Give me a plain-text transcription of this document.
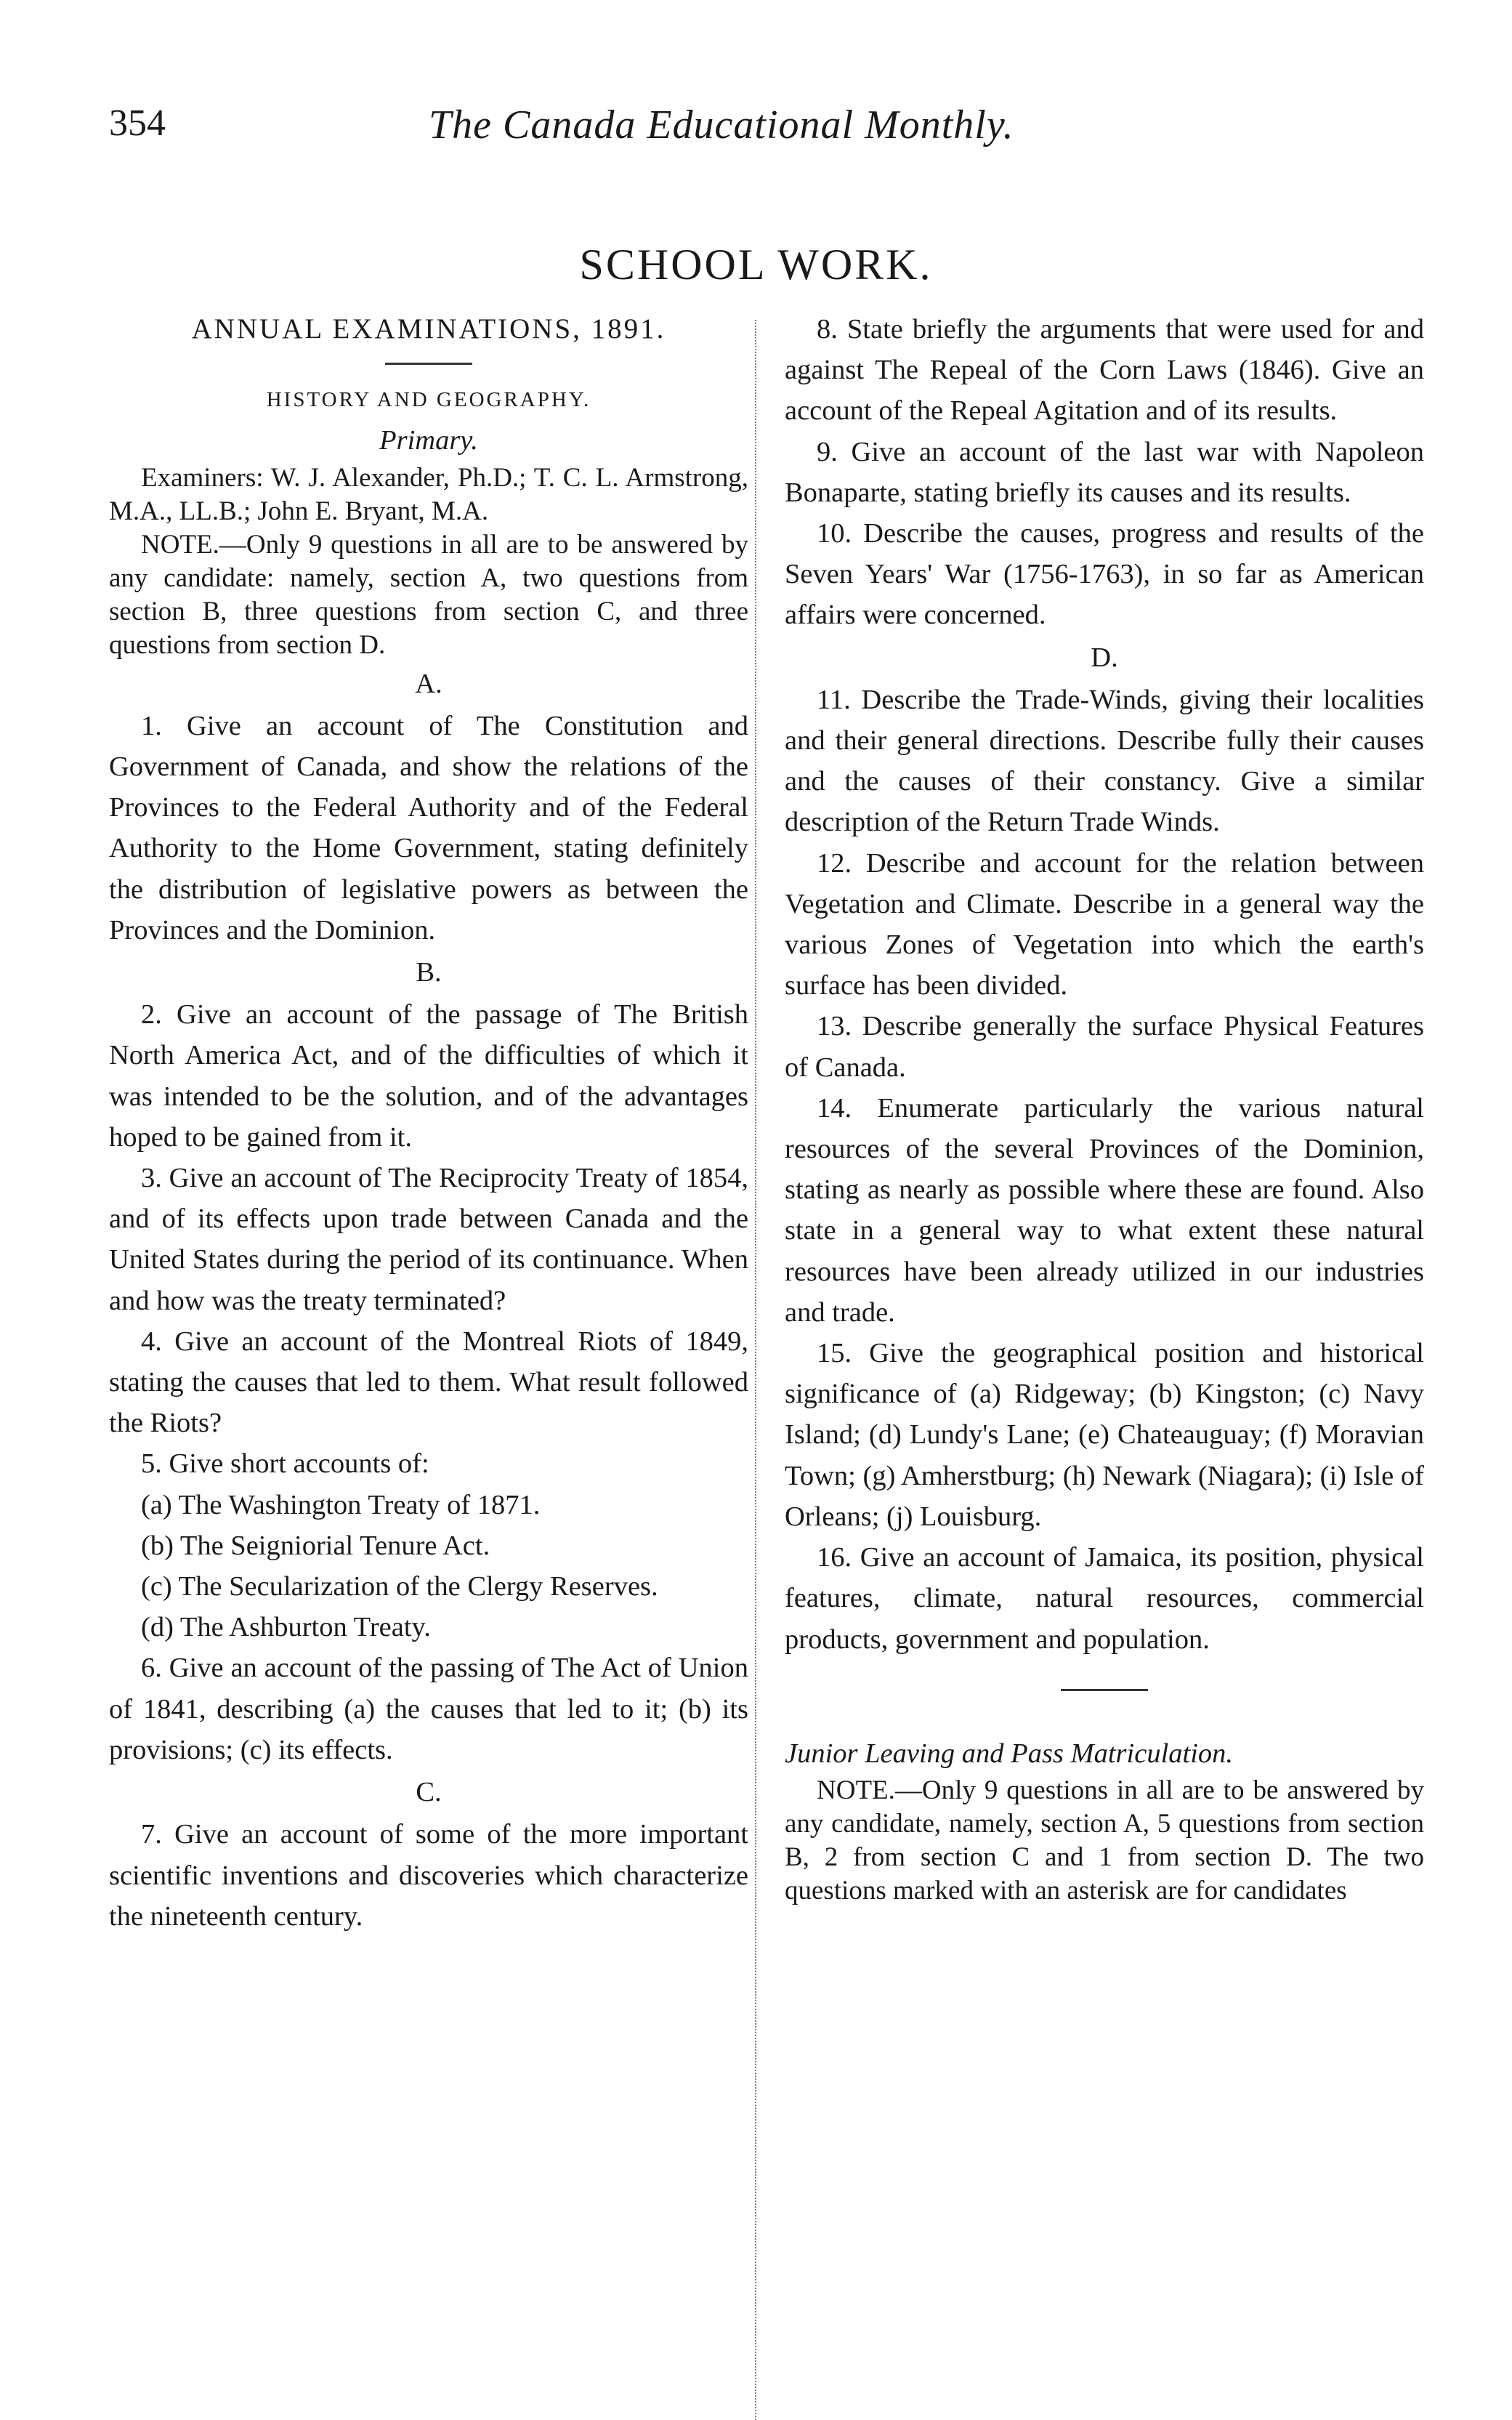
354	The Canada Educational Monthly.
SCHOOL WORK.

ANNUAL EXAMINATIONS, 1891.

HISTORY AND GEOGRAPHY.

Primary.

Examiners: W. J. Alexander, Ph.D.; T. C. L. Armstrong, M.A., LL.B.; John E. Bryant, M.A.

NOTE.—Only 9 questions in all are to be answered by any candidate: namely, section A, two questions from section B, three questions from section C, and three questions from section D.

A.

1. Give an account of The Constitution and Government of Canada, and show the relations of the Provinces to the Federal Authority and of the Federal Authority to the Home Government, stating definitely the distribution of legislative powers as between the Provinces and the Dominion.

B.

2. Give an account of the passage of The British North America Act, and of the difficulties of which it was intended to be the solution, and of the advantages hoped to be gained from it.

3. Give an account of The Reciprocity Treaty of 1854, and of its effects upon trade between Canada and the United States during the period of its continuance. When and how was the treaty terminated?

4. Give an account of the Montreal Riots of 1849, stating the causes that led to them. What result followed the Riots?

5. Give short accounts of:

(a) The Washington Treaty of 1871.

(b) The Seigniorial Tenure Act.

(c) The Secularization of the Clergy Reserves.

(d) The Ashburton Treaty.

6. Give an account of the passing of The Act of Union of 1841, describing (a) the causes that led to it; (b) its provisions; (c) its effects.

C.

7. Give an account of some of the more important scientific inventions and discoveries which characterize the nineteenth century.

8. State briefly the arguments that were used for and against The Repeal of the Corn Laws (1846). Give an account of the Repeal Agitation and of its results.

9. Give an account of the last war with Napoleon Bonaparte, stating briefly its causes and its results.

10. Describe the causes, progress and results of the Seven Years' War (1756-1763), in so far as American affairs were concerned.

D.

11. Describe the Trade-Winds, giving their localities and their general directions. Describe fully their causes and the causes of their constancy. Give a similar description of the Return Trade Winds.

12. Describe and account for the relation between Vegetation and Climate. Describe in a general way the various Zones of Vegetation into which the earth's surface has been divided.

13. Describe generally the surface Physical Features of Canada.

14. Enumerate particularly the various natural resources of the several Provinces of the Dominion, stating as nearly as possible where these are found. Also state in a general way to what extent these natural resources have been already utilized in our industries and trade.

15. Give the geographical position and historical significance of (a) Ridgeway; (b) Kingston; (c) Navy Island; (d) Lundy's Lane; (e) Chateauguay; (f) Moravian Town; (g) Amherstburg; (h) Newark (Niagara); (i) Isle of Orleans; (j) Louisburg.

16. Give an account of Jamaica, its position, physical features, climate, natural resources, commercial products, government and population.

Junior Leaving and Pass Matriculation.

NOTE.—Only 9 questions in all are to be answered by any candidate, namely, section A, 5 questions from section B, 2 from section C and 1 from section D. The two questions marked with an asterisk are for candidates
